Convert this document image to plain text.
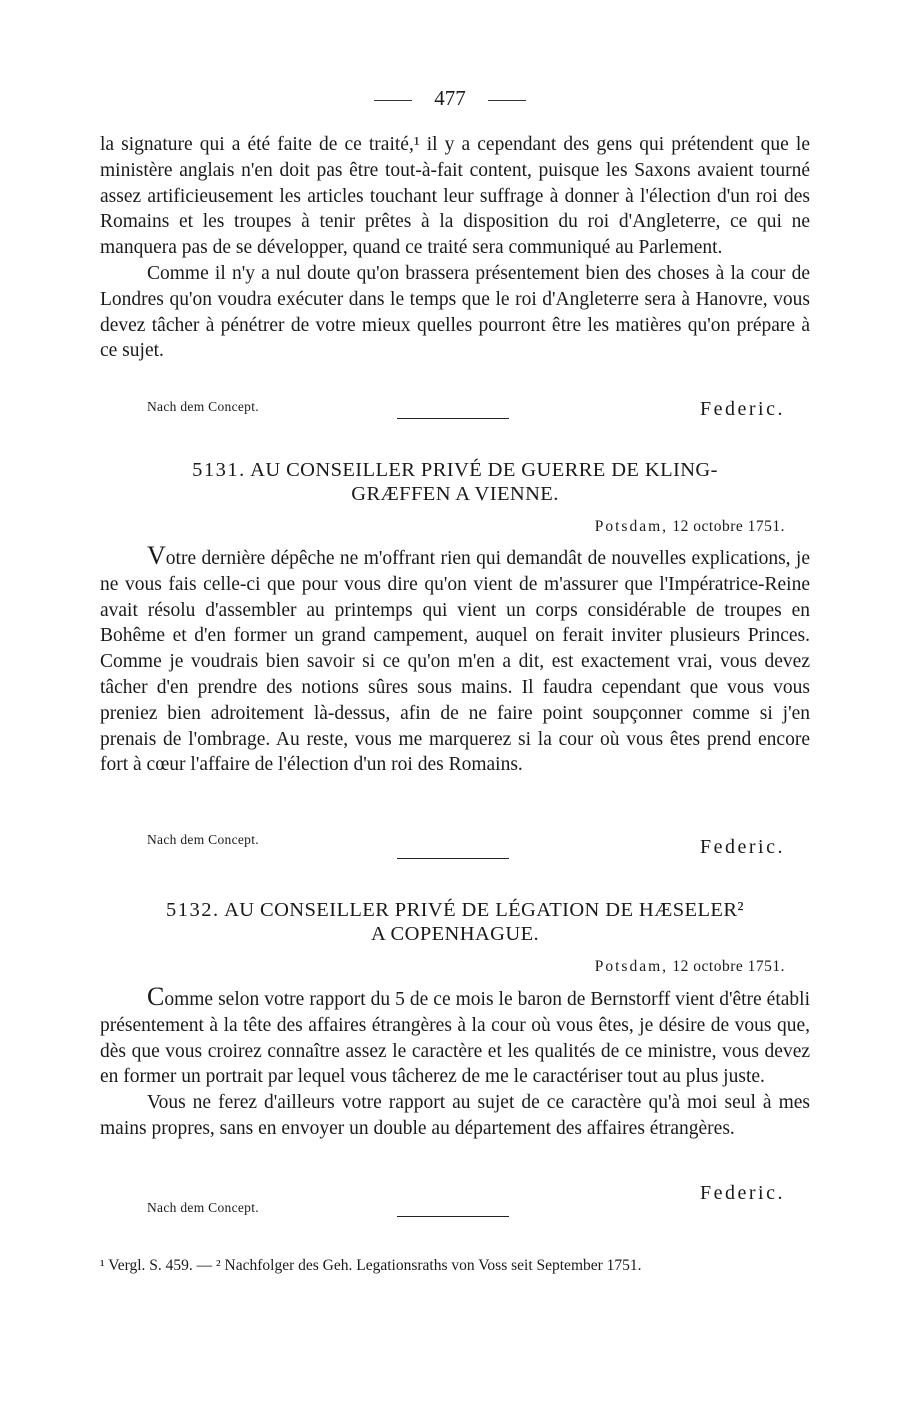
477

la signature qui a été faite de ce traité,¹ il y a cependant des gens qui prétendent que le ministère anglais n'en doit pas être tout-à-fait content, puisque les Saxons avaient tourné assez artificieusement les articles touchant leur suffrage à donner à l'élection d'un roi des Romains et les troupes à tenir prêtes à la disposition du roi d'Angleterre, ce qui ne manquera pas de se développer, quand ce traité sera communiqué au Parlement.

Comme il n'y a nul doute qu'on brassera présentement bien des choses à la cour de Londres qu'on voudra exécuter dans le temps que le roi d'Angleterre sera à Hanovre, vous devez tâcher à pénétrer de votre mieux quelles pourront être les matières qu'on prépare à ce sujet.

Nach dem Concept.	Federic.
5131. AU CONSEILLER PRIVÉ DE GUERRE DE KLING-
GRÆFFEN A VIENNE.
Potsdam, 12 octobre 1751.

Votre dernière dépêche ne m'offrant rien qui demandât de nouvelles explications, je ne vous fais celle-ci que pour vous dire qu'on vient de m'assurer que l'Impératrice-Reine avait résolu d'assembler au printemps qui vient un corps considérable de troupes en Bohême et d'en former un grand campement, auquel on ferait inviter plusieurs Princes. Comme je voudrais bien savoir si ce qu'on m'en a dit, est exactement vrai, vous devez tâcher d'en prendre des notions sûres sous mains. Il faudra cependant que vous vous preniez bien adroitement là-dessus, afin de ne faire point soupçonner comme si j'en prenais de l'ombrage. Au reste, vous me marquerez si la cour où vous êtes prend encore fort à cœur l'affaire de l'élection d'un roi des Romains.

Nach dem Concept.	Federic.
5132. AU CONSEILLER PRIVÉ DE LÉGATION DE HÆSELER²
A COPENHAGUE.
Potsdam, 12 octobre 1751.

Comme selon votre rapport du 5 de ce mois le baron de Bernstorff vient d'être établi présentement à la tête des affaires étrangères à la cour où vous êtes, je désire de vous que, dès que vous croirez connaître assez le caractère et les qualités de ce ministre, vous devez en former un portrait par lequel vous tâcherez de me le caractériser tout au plus juste.

Vous ne ferez d'ailleurs votre rapport au sujet de ce caractère qu'à moi seul à mes mains propres, sans en envoyer un double au département des affaires étrangères.

Federic.
Nach dem Concept.
¹ Vergl. S. 459. — ² Nachfolger des Geh. Legationsraths von Voss seit September 1751.
